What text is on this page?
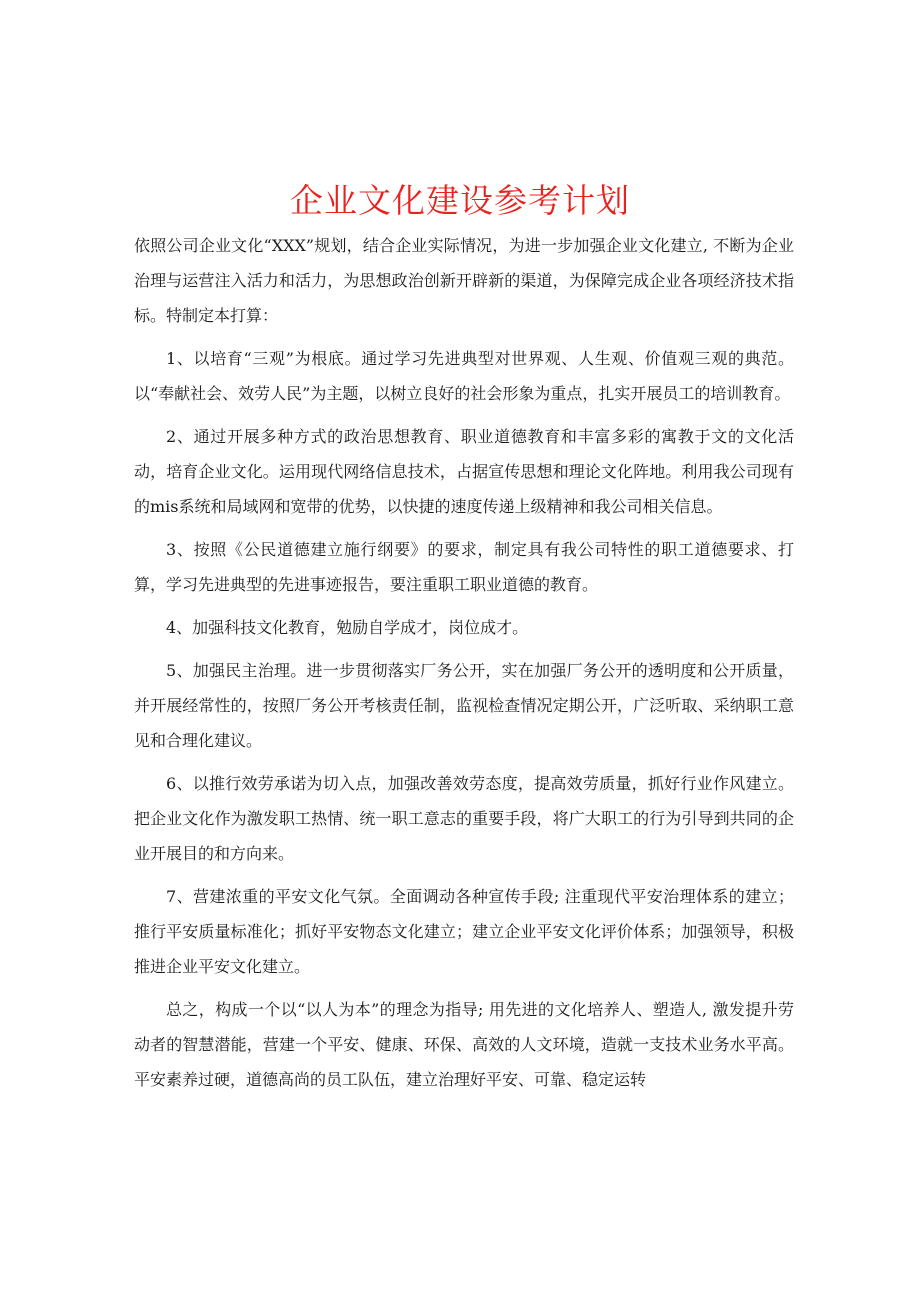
企业文化建设参考计划

依照公司企业文化“XXX”规划，结合企业实际情况，为进一步加强企业文化建立, 不断为企业治理与运营注入活力和活力，为思想政治创新开辟新的渠道，为保障完成企业各项经济技术指标。特制定本打算：

1、以培育“三观”为根底。通过学习先进典型对世界观、人生观、价值观三观的典范。以“奉献社会、效劳人民”为主题，以树立良好的社会形象为重点，扎实开展员工的培训教育。

2、通过开展多种方式的政治思想教育、职业道德教育和丰富多彩的寓教于文的文化活动，培育企业文化。运用现代网络信息技术，占据宣传思想和理论文化阵地。利用我公司现有的mis系统和局域网和宽带的优势，以快捷的速度传递上级精神和我公司相关信息。

3、按照《公民道德建立施行纲要》的要求，制定具有我公司特性的职工道德要求、打算，学习先进典型的先进事迹报告，要注重职工职业道德的教育。

4、加强科技文化教育，勉励自学成才，岗位成才。

5、加强民主治理。进一步贯彻落实厂务公开，实在加强厂务公开的透明度和公开质量，并开展经常性的，按照厂务公开考核责任制，监视检查情况定期公开，广泛听取、采纳职工意见和合理化建议。

6、以推行效劳承诺为切入点，加强改善效劳态度，提高效劳质量，抓好行业作风建立。把企业文化作为激发职工热情、统一职工意志的重要手段，将广大职工的行为引导到共同的企业开展目的和方向来。

7、营建浓重的平安文化气氛。全面调动各种宣传手段; 注重现代平安治理体系的建立；推行平安质量标准化；抓好平安物态文化建立；建立企业平安文化评价体系；加强领导，积极推进企业平安文化建立。

总之，构成一个以“以人为本”的理念为指导; 用先进的文化培养人、塑造人, 激发提升劳动者的智慧潜能，营建一个平安、健康、环保、高效的人文环境，造就一支技术业务水平高。平安素养过硬，道德高尚的员工队伍，建立治理好平安、可靠、稳定运转
